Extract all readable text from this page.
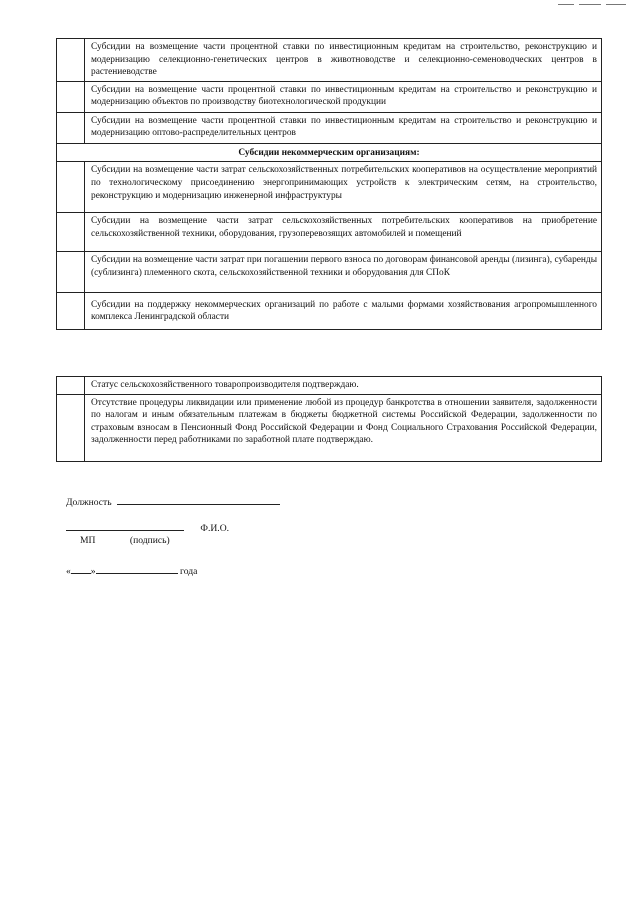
	Субсидии на возмещение части процентной ставки по инвестиционным кредитам на строительство, реконструкцию и модернизацию селекционно-генетических центров в животноводстве и селекционно-семеноводческих центров в растениеводстве
	Субсидии на возмещение части процентной ставки по инвестиционным кредитам на строительство и реконструкцию и модернизацию объектов по производству биотехнологической продукции
	Субсидии на возмещение части процентной ставки по инвестиционным кредитам на строительство и реконструкцию и модернизацию оптово-распределительных центров
Субсидии некоммерческим организациям:	
	Субсидии на возмещение части затрат сельскохозяйственных потребительских кооперативов на осуществление мероприятий по технологическому присоединению энергопринимающих устройств к электрическим сетям, на строительство, реконструкцию и модернизацию инженерной инфраструктуры
	Субсидии на возмещение части затрат сельскохозяйственных потребительских кооперативов на приобретение сельскохозяйственной техники, оборудования, грузоперевозящих автомобилей и помещений
	Субсидии на возмещение части затрат при погашении первого взноса по договорам финансовой аренды (лизинга), субаренды (сублизинга) племенного скота, сельскохозяйственной техники и оборудования для СПоК
	Субсидии на поддержку некоммерческих организаций по работе с малыми формами хозяйствования агропромышленного комплекса Ленинградской области
	Статус сельскохозяйственного товаропроизводителя подтверждаю.
	Отсутствие процедуры ликвидации или применение любой из процедур банкротства в отношении заявителя, задолженности по налогам и иным обязательным платежам в бюджеты бюджетной системы Российской Федерации, задолженности по страховым взносам в Пенсионный Фонд Российской Федерации и Фонд Социального Страхования Российской Федерации, задолженности перед работниками по заработной плате подтверждаю.
Должность
Ф.И.О.
МП	(подпись)
« »	года
